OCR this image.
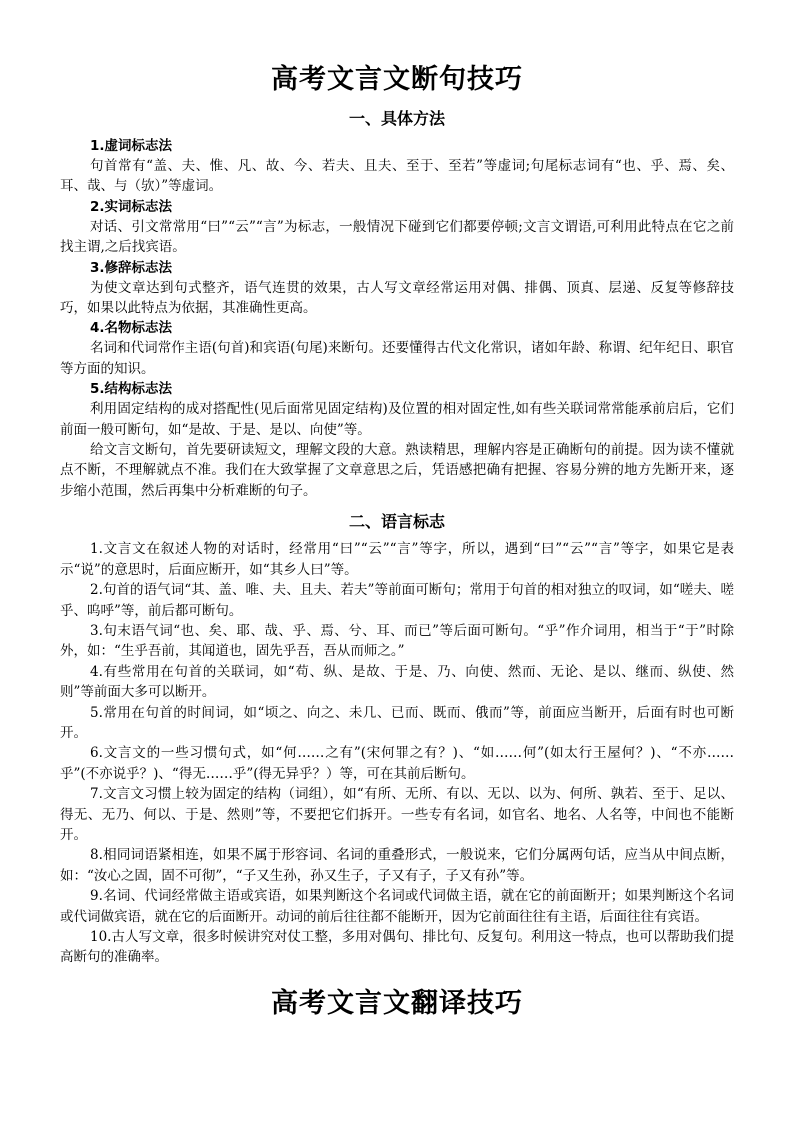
高考文言文断句技巧
一、具体方法
1.虚词标志法

句首常有“盖、夫、惟、凡、故、今、若夫、且夫、至于、至若”等虚词;句尾标志词有“也、乎、焉、矣、耳、哉、与（欤）”等虚词。

2.实词标志法

对话、引文常常用“曰”“云”“言”为标志，一般情况下碰到它们都要停顿;文言文谓语,可利用此特点在它之前找主谓,之后找宾语。

3.修辞标志法

为使文章达到句式整齐，语气连贯的效果，古人写文章经常运用对偶、排偶、顶真、层递、反复等修辞技巧，如果以此特点为依据，其准确性更高。

4.名物标志法

名词和代词常作主语(句首)和宾语(句尾)来断句。还要懂得古代文化常识，诸如年龄、称谓、纪年纪日、职官等方面的知识。

5.结构标志法

利用固定结构的成对搭配性(见后面常见固定结构)及位置的相对固定性,如有些关联词常常能承前启后，它们前面一般可断句，如“是故、于是、是以、向使”等。

给文言文断句，首先要研读短文，理解文段的大意。熟读精思，理解内容是正确断句的前提。因为读不懂就点不断，不理解就点不准。我们在大致掌握了文章意思之后，凭语感把确有把握、容易分辨的地方先断开来，逐步缩小范围，然后再集中分析难断的句子。

二、语言标志

1.文言文在叙述人物的对话时，经常用“曰”“云”“言”等字，所以，遇到“曰”“云”“言”等字，如果它是表示“说”的意思时，后面应断开，如“其乡人曰”等。

2.句首的语气词“其、盖、唯、夫、且夫、若夫”等前面可断句；常用于句首的相对独立的叹词，如“嗟夫、嗟乎、呜呼”等，前后都可断句。

3.句末语气词“也、矣、耶、哉、乎、焉、兮、耳、而已”等后面可断句。“乎”作介词用，相当于“于”时除外，如：“生乎吾前，其闻道也，固先乎吾，吾从而师之。”

4.有些常用在句首的关联词，如“苟、纵、是故、于是、乃、向使、然而、无论、是以、继而、纵使、然则”等前面大多可以断开。

5.常用在句首的时间词，如“顷之、向之、未几、已而、既而、俄而”等，前面应当断开，后面有时也可断开。

6.文言文的一些习惯句式，如“何……之有”(宋何罪之有？)、“如……何”(如太行王屋何？)、“不亦……乎”(不亦说乎？)、“得无……乎”(得无异乎？）等，可在其前后断句。

7.文言文习惯上较为固定的结构（词组），如“有所、无所、有以、无以、以为、何所、孰若、至于、足以、得无、无乃、何以、于是、然则”等，不要把它们拆开。一些专有名词，如官名、地名、人名等，中间也不能断开。

8.相同词语紧相连，如果不属于形容词、名词的重叠形式，一般说来，它们分属两句话，应当从中间点断，如：“汝心之固，固不可彻”，“子又生孙，孙又生子，子又有子，子又有孙”等。

9.名词、代词经常做主语或宾语，如果判断这个名词或代词做主语，就在它的前面断开；如果判断这个名词或代词做宾语，就在它的后面断开。动词的前后往往都不能断开，因为它前面往往有主语，后面往往有宾语。

10.古人写文章，很多时候讲究对仗工整，多用对偶句、排比句、反复句。利用这一特点，也可以帮助我们提高断句的准确率。

高考文言文翻译技巧
